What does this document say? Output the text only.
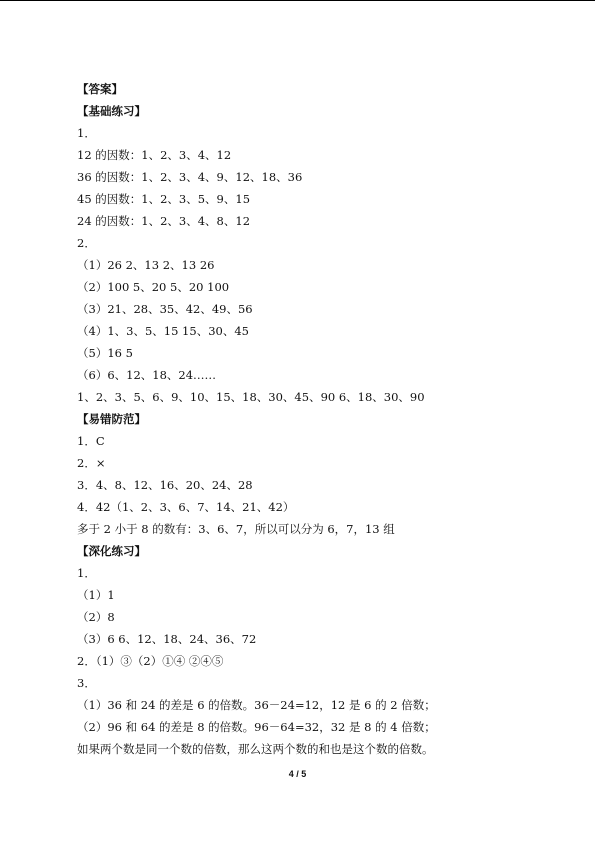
【答案】
【基础练习】
1．
12 的因数：1、2、3、4、12
36 的因数：1、2、3、4、9、12、18、36
45 的因数：1、2、3、5、9、15
24 的因数：1、2、3、4、8、12
2．
（1）26 2、13 2、13 26
（2）100 5、20 5、20 100
（3）21、28、35、42、49、56
（4）1、3、5、15 15、30、45
（5）16 5
（6）6、12、18、24……
1、2、3、5、6、9、10、15、18、30、45、90 6、18、30、90
【易错防范】
1．C
2．×
3．4、8、12、16、20、24、28
4．42（1、2、3、6、7、14、21、42）
多于 2 小于 8 的数有：3、6、7，所以可以分为 6，7，13 组
【深化练习】
1．
（1）1
（2）8
（3）6 6、12、18、24、36、72
2．（1）③（2）①④ ②④⑤
3．
（1）36 和 24 的差是 6 的倍数。36－24=12，12 是 6 的 2 倍数；
（2）96 和 64 的差是 8 的倍数。96－64=32，32 是 8 的 4 倍数；
如果两个数是同一个数的倍数，那么这两个数的和也是这个数的倍数。
4 / 5
